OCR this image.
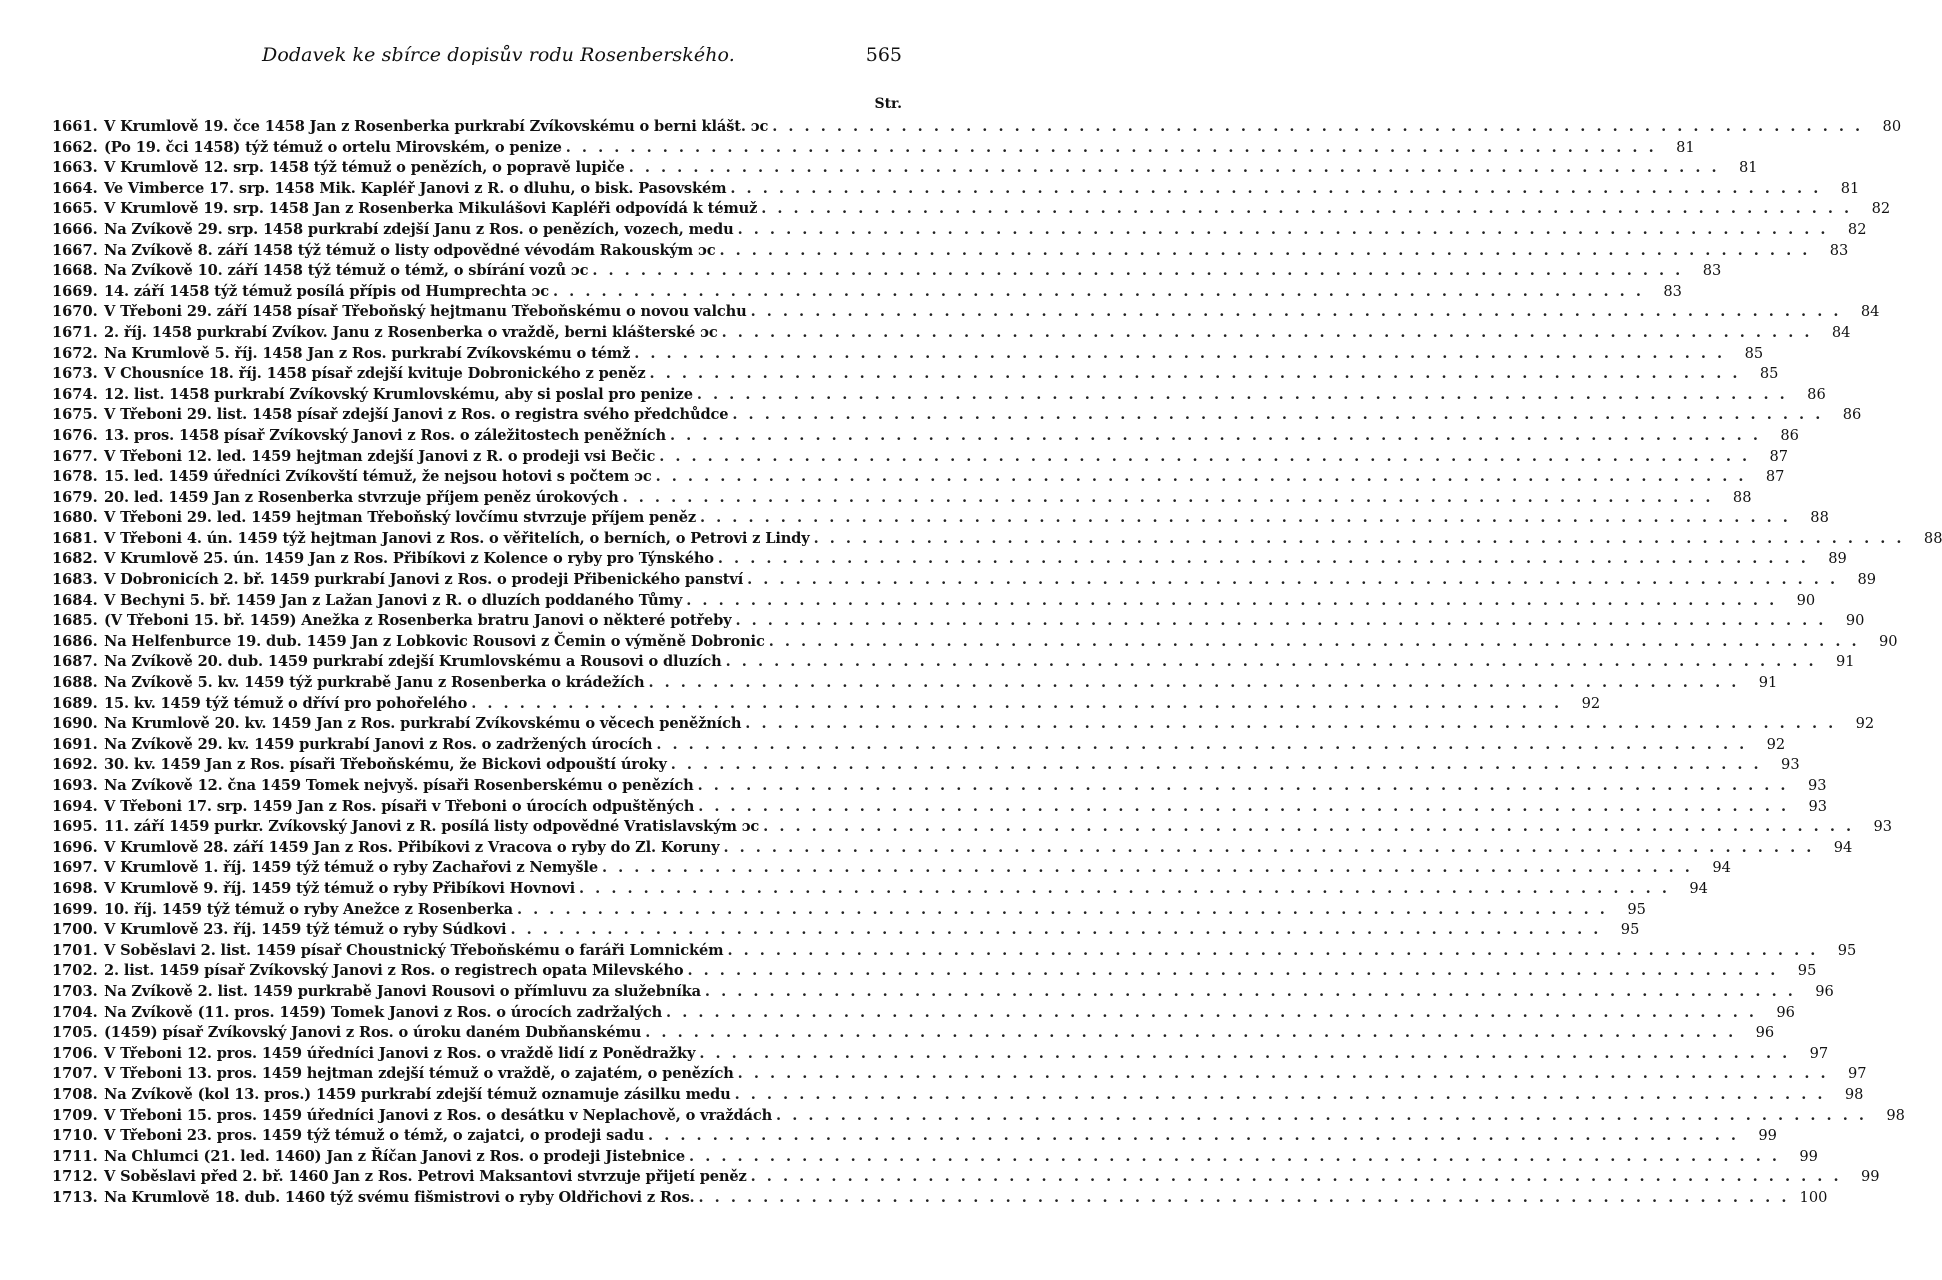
Dodavek ke sbírce dopisův rodu Rosenberského.	565
Str.
1661. V Krumlově 19. čce 1458 Jan z Rosenberka purkrabí Zvíkovskému o berni klášt. ɔc . . .	80
1662. (Po 19. čci 1458) týž témuž o ortelu Mirovském, o penize . . .	81
1663. V Krumlově 12. srp. 1458 týž témuž o penězích, o popravě lupiče . . .	81
1664. Ve Vimberce 17. srp. 1458 Mik. Kapléř Janovi z R. o dluhu, o bisk. Pasovském . . .	81
1665. V Krumlově 19. srp. 1458 Jan z Rosenberka Mikulášovi Kapléři odpovídá k témuž . . .	82
1666. Na Zvíkově 29. srp. 1458 purkrabí zdejší Janu z Ros. o penězích, vozech, medu . . .	82
1667. Na Zvíkově 8. září 1458 týž témuž o listy odpovědné vévodám Rakouským ɔc . . .	83
1668. Na Zvíkově 10. září 1458 týž témuž o témž, o sbírání vozů ɔc . . .	83
1669. 14. září 1458 týž témuž posílá přípis od Humprechta ɔc . . .	83
1670. V Třeboni 29. září 1458 písař Třeboňský hejtmanu Třeboňskému o novou valchu . . .	84
1671. 2. říj. 1458 purkrabí Zvíkov. Janu z Rosenberka o vraždě, berni klášterské ɔc . . .	84
1672. Na Krumlově 5. říj. 1458 Jan z Ros. purkrabí Zvíkovskému o témž . . .	85
1673. V Chousníce 18. říj. 1458 písař zdejší kvituje Dobronického z peněz . . .	85
1674. 12. list. 1458 purkrabí Zvíkovský Krumlovskému, aby si poslal pro penize . . .	86
1675. V Třeboni 29. list. 1458 písař zdejší Janovi z Ros. o registra svého předchůdce . . .	86
1676. 13. pros. 1458 písař Zvíkovský Janovi z Ros. o záležitostech peněžních . . .	86
1677. V Třeboni 12. led. 1459 hejtman zdejší Janovi z R. o prodeji vsi Bečic . . .	87
1678. 15. led. 1459 úředníci Zvíkovští témuž, že nejsou hotovi s počtem ɔc . . .	87
1679. 20. led. 1459 Jan z Rosenberka stvrzuje příjem peněz úrokových . . .	88
1680. V Třeboni 29. led. 1459 hejtman Třeboňský lovčímu stvrzuje příjem peněz . . .	88
1681. V Třeboni 4. ún. 1459 týž hejtman Janovi z Ros. o věřitelích, o berních, o Petrovi z Lindy . . .	88
1682. V Krumlově 25. ún. 1459 Jan z Ros. Přibíkovi z Kolence o ryby pro Týnského . . .	89
1683. V Dobronicích 2. bř. 1459 purkrabí Janovi z Ros. o prodeji Přibenického panství . . .	89
1684. V Bechyni 5. bř. 1459 Jan z Lažan Janovi z R. o dluzích poddaného Tůmy . . .	90
1685. (V Třeboni 15. bř. 1459) Anežka z Rosenberka bratru Janovi o některé potřeby . . .	90
1686. Na Helfenburce 19. dub. 1459 Jan z Lobkovic Rousovi z Čemin o výměně Dobronic . . .	90
1687. Na Zvíkově 20. dub. 1459 purkrabí zdejší Krumlovskému a Rousovi o dluzích . . .	91
1688. Na Zvíkově 5. kv. 1459 týž purkrabě Janu z Rosenberka o krádežích . . .	91
1689. 15. kv. 1459 týž témuž o dříví pro pohořelého . . .	92
1690. Na Krumlově 20. kv. 1459 Jan z Ros. purkrabí Zvíkovskému o věcech peněžních . . .	92
1691. Na Zvíkově 29. kv. 1459 purkrabí Janovi z Ros. o zadržených úrocích . . .	92
1692. 30. kv. 1459 Jan z Ros. písaři Třeboňskému, že Bickovi odpouští úroky . . .	93
1693. Na Zvíkově 12. čna 1459 Tomek nejvyš. písaři Rosenberskému o penězích . . .	93
1694. V Třeboni 17. srp. 1459 Jan z Ros. písaři v Třeboni o úrocích odpuštěných . . .	93
1695. 11. září 1459 purkr. Zvíkovský Janovi z R. posílá listy odpovědné Vratislavským ɔc . . .	93
1696. V Krumlově 28. září 1459 Jan z Ros. Přibíkovi z Vracova o ryby do Zl. Koruny . . .	94
1697. V Krumlově 1. říj. 1459 týž témuž o ryby Zachařovi z Nemyšle . . .	94
1698. V Krumlově 9. říj. 1459 týž témuž o ryby Přibíkovi Hovnovi . . .	94
1699. 10. říj. 1459 týž témuž o ryby Anežce z Rosenberka . . .	95
1700. V Krumlově 23. říj. 1459 týž témuž o ryby Súdkovi . . .	95
1701. V Soběslavi 2. list. 1459 písař Choustnický Třeboňskému o faráři Lomnickém . . .	95
1702. 2. list. 1459 písař Zvíkovský Janovi z Ros. o registrech opata Milevského . . .	95
1703. Na Zvíkově 2. list. 1459 purkrabě Janovi Rousovi o přímluvu za služebníka . . .	96
1704. Na Zvíkově (11. pros. 1459) Tomek Janovi z Ros. o úrocích zadržalých . . .	96
1705. (1459) písař Zvíkovský Janovi z Ros. o úroku daném Dubňanskému . . .	96
1706. V Třeboni 12. pros. 1459 úředníci Janovi z Ros. o vraždě lidí z Ponědražky . . .	97
1707. V Třeboni 13. pros. 1459 hejtman zdejší témuž o vraždě, o zajatém, o penězích . . .	97
1708. Na Zvíkově (kol 13. pros.) 1459 purkrabí zdejší témuž oznamuje zásilku medu . . .	98
1709. V Třeboni 15. pros. 1459 úředníci Janovi z Ros. o desátku v Neplachově, o vraždách . . .	98
1710. V Třeboni 23. pros. 1459 týž témuž o témž, o zajatci, o prodeji sadu . . .	99
1711. Na Chlumci (21. led. 1460) Jan z Říčan Janovi z Ros. o prodeji Jistebnice . . .	99
1712. V Soběslavi před 2. bř. 1460 Jan z Ros. Petrovi Maksantovi stvrzuje přijetí peněz . . .	99
1713. Na Krumlově 18. dub. 1460 týž svému fišmistrovi o ryby Oldřichovi z Ros. . . .	100
